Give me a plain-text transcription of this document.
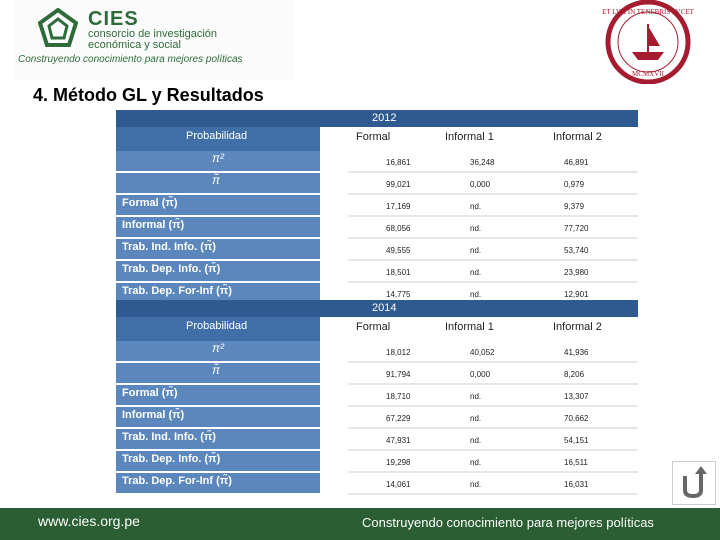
CIES
consorcio de investigación
económica y social
Construyendo conocimiento para mejores políticas
ET LVX IN TENEBRIS LVCET
MCMXVII
4. Método GL y Resultados
2012
Probabilidad	Formal	Informal 1	Informal 2
π²	16,861	36,248	46,891
π̃	99,021	0,000	0,979
Formal (π̃)	17,169	nd.	9,379
Informal (π̃)	68,056	nd.	77,720
Trab. Ind. Info. (π̃)	49,555	nd.	53,740
Trab. Dep. Info. (π̃)	18,501	nd.	23,980
Trab. Dep. For-Inf (π̃)	14,775	nd.	12,901
2014
Probabilidad	Formal	Informal 1	Informal 2
π²	18,012	40,052	41,936
π̃	91,794	0,000	8,206
Formal (π̃)	18,710	nd.	13,307
Informal (π̃)	67,229	nd.	70,662
Trab. Ind. Info. (π̃)	47,931	nd.	54,151
Trab. Dep. Info. (π̃)	19,298	nd.	16,511
Trab. Dep. For-Inf (π̃)	14,061	nd.	16,031
www.cies.org.pe	Construyendo conocimiento para mejores políticas
